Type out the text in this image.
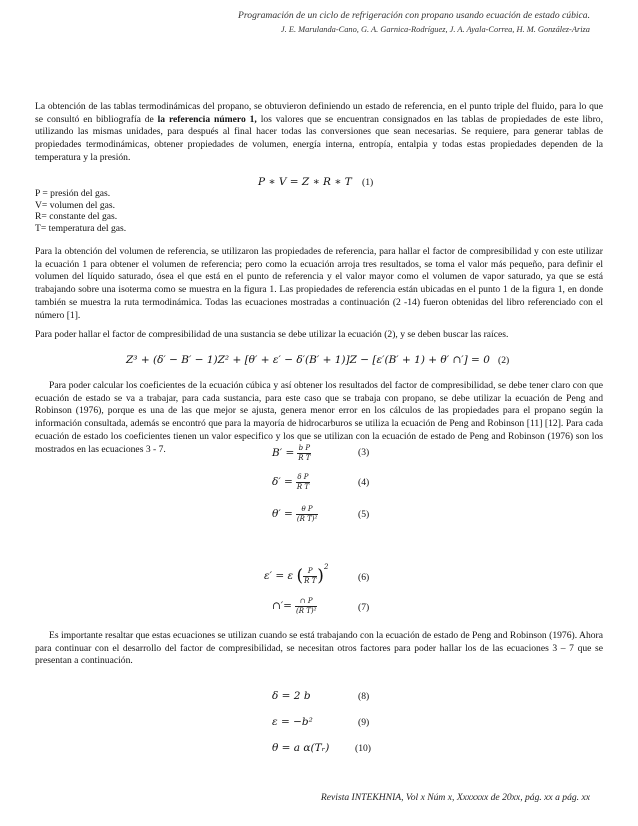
Programación de un ciclo de refrigeración con propano usando ecuación de estado cúbica.
J. E. Marulanda-Cano, G. A. Garnica-Rodríguez, J. A. Ayala-Correa, H. M. González-Ariza

La obtención de las tablas termodinámicas del propano, se obtuvieron definiendo un estado de referencia, en el punto triple del fluido, para lo que se consultó en bibliografía de la referencia número 1, los valores que se encuentran consignados en las tablas de propiedades de este libro, utilizando las mismas unidades, para después al final hacer todas las conversiones que sean necesarias. Se requiere, para generar tablas de propiedades termodinámicas, obtener propiedades de volumen, energía interna, entropía, entalpia y todas estas propiedades dependen de la temperatura y la presión.

P ∗ V = Z ∗ R ∗ T (1)
P = presión del gas.
V= volumen del gas.
R= constante del gas.
T= temperatura del gas.

Para la obtención del volumen de referencia, se utilizaron las propiedades de referencia, para hallar el factor de compresibilidad y con este utilizar la ecuación 1 para obtener el volumen de referencia; pero como la ecuación arroja tres resultados, se toma el valor más pequeño, para definir el volumen del líquido saturado, ósea el que está en el punto de referencia y el valor mayor como el volumen de vapor saturado, ya que se está trabajando sobre una isoterma como se muestra en la figura 1. Las propiedades de referencia están ubicadas en el punto 1 de la figura 1, en donde también se muestra la ruta termodinámica. Todas las ecuaciones mostradas a continuación (2 -14) fueron obtenidas del libro referenciado con el número [1].

Para poder hallar el factor de compresibilidad de una sustancia se debe utilizar la ecuación (2), y se deben buscar las raíces.

Z³ + (δ′ − B′ − 1)Z² + [θ′ + ε′ − δ′(B′ + 1)]Z − [ε′(B′ + 1) + θ′ ∩′] = 0 (2)

Para poder calcular los coeficientes de la ecuación cúbica y así obtener los resultados del factor de compresibilidad, se debe tener claro con que ecuación de estado se va a trabajar, para cada sustancia, para este caso que se trabaja con propano, se debe utilizar la ecuación de Peng and Robinson (1976), porque es una de las que mejor se ajusta, genera menor error en los cálculos de las propiedades para el propano según la información consultada, además se encontró que para la mayoría de hidrocarburos se utiliza la ecuación de Peng and Robinson [11] [12]. Para cada ecuación de estado los coeficientes tienen un valor especifico y los que se utilizan con la ecuación de estado de Peng and Robinson (1976) son los mostrados en las ecuaciones 3 - 7.	$B' = \frac{\text{b P}}{\text{R T}}$	(3)
$\delta' = \frac{\text{δ P}}{\text{R T}}$	(4)
$\theta' = \frac{\text{θ P}}{\text{(R T)²}}$	(5)
ε′ = ε ( $\frac{P}{\text{R T}} )^2$
(6)
∩′= $\frac{\cap P}{\text{(R T)²}}$	(7)

Es importante resaltar que estas ecuaciones se utilizan cuando se está trabajando con la ecuación de estado de Peng and Robinson (1976). Ahora para continuar con el desarrollo del factor de compresibilidad, se necesitan otros factores para poder hallar los de las ecuaciones 3 – 7 que se presentan a continuación.

δ = 2 b	(8)
ε = −b²	(9)
θ = a α(Tᵣ)	(10)
Revista INTEKHNIA, Vol x Núm x, Xxxxxxx de 20xx, pág. xx a pág. xx
